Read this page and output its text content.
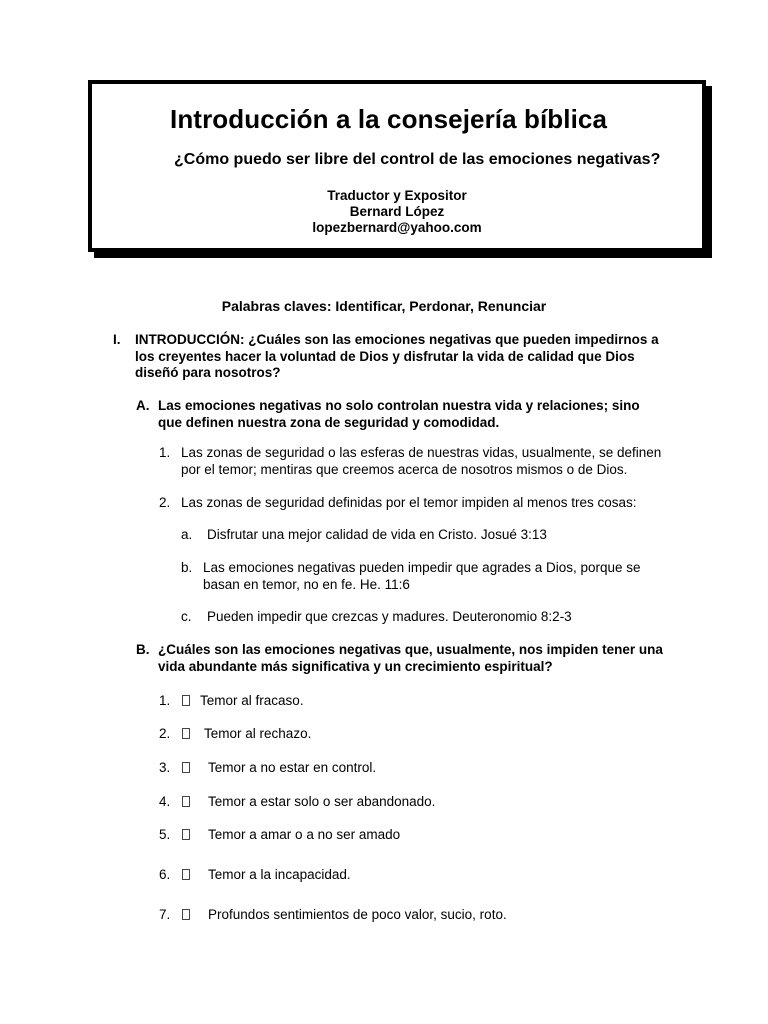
Introducción a la consejería bíblica
¿Cómo puedo ser libre del control de las emociones negativas?
Traductor y Expositor
Bernard López
lopezbernard@yahoo.com
Palabras claves: Identificar, Perdonar, Renunciar
I. INTRODUCCIÓN: ¿Cuáles son las emociones negativas que pueden impedirnos a
los creyentes hacer la voluntad de Dios y disfrutar la vida de calidad que Dios
diseñó para nosotros?
A. Las emociones negativas no solo controlan nuestra vida y relaciones; sino
que definen nuestra zona de seguridad y comodidad.
1. Las zonas de seguridad o las esferas de nuestras vidas, usualmente, se definen
por el temor; mentiras que creemos acerca de nosotros mismos o de Dios.
2. Las zonas de seguridad definidas por el temor impiden al menos tres cosas:
a. Disfrutar una mejor calidad de vida en Cristo. Josué 3:13
b. Las emociones negativas pueden impedir que agrades a Dios, porque se
basan en temor, no en fe. He. 11:6
c. Pueden impedir que crezcas y madures. Deuteronomio 8:2-3
B. ¿Cuáles son las emociones negativas que, usualmente, nos impiden tener una
vida abundante más significativa y un crecimiento espiritual?
1. Temor al fracaso.
2.	Temor al rechazo.
3.	Temor a no estar en control.
4.	Temor a estar solo o ser abandonado.
5.	Temor a amar o a no ser amado
6.	Temor a la incapacidad.
7.	Profundos sentimientos de poco valor, sucio, roto.
